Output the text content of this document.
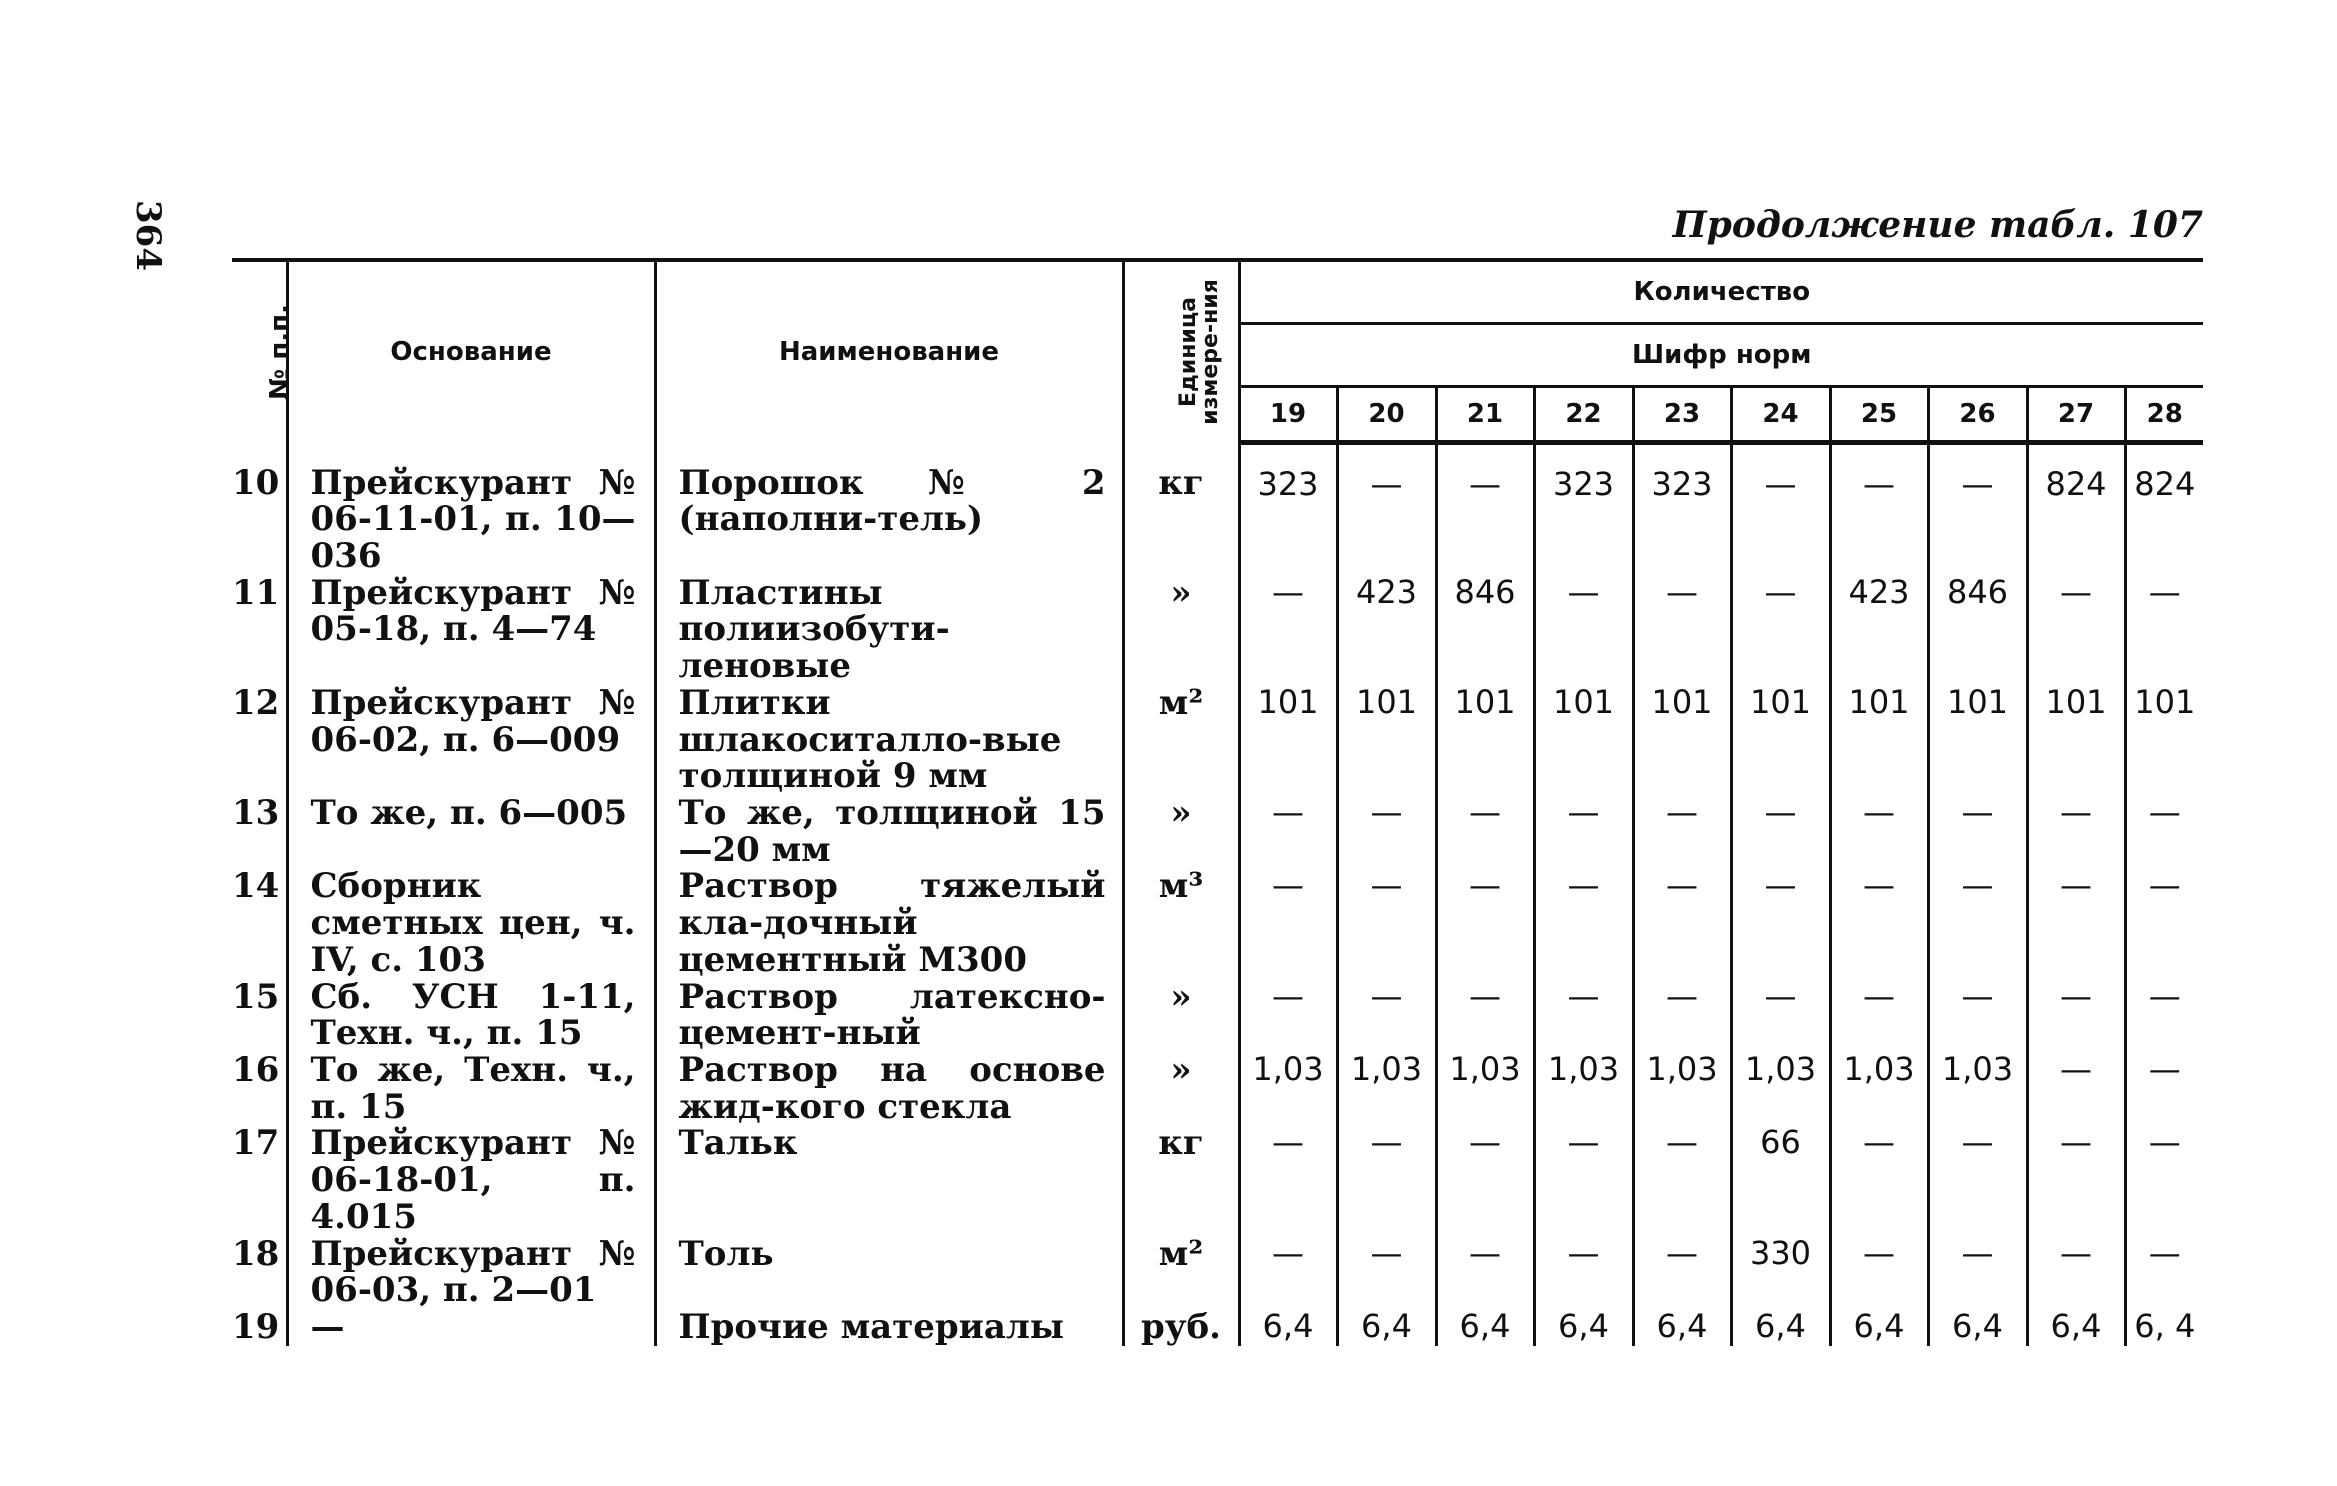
364	Продолжение табл. 107
№ п.п.	Основание	Наименование	Единица измере-ния	Количество									
				Шифр норм									
				19	20	21	22	23	24	25	26	27	28
10	Прейскурант № 06-11-01, п. 10—036	Порошок № 2 (наполни-тель)	кг	323	—	—	323	323	—	—	—	824	824
11	Прейскурант № 05-18, п. 4—74	Пластины полиизобути-леновые	»	—	423	846	—	—	—	423	846	—	—
12	Прейскурант № 06-02, п. 6—009	Плитки шлакоситалло-вые толщиной 9 мм	м²	101	101	101	101	101	101	101	101	101	101
13	То же, п. 6—005	То же, толщиной 15—20 мм	»	—	—	—	—	—	—	—	—	—	—
14	Сборник сметных цен, ч. IV, с. 103	Раствор тяжелый кла-дочный цементный М300	м³	—	—	—	—	—	—	—	—	—	—
15	Сб. УСН 1-11, Техн. ч., п. 15	Раствор латексно-цемент-ный	»	—	—	—	—	—	—	—	—	—	—
16	То же, Техн. ч., п. 15	Раствор на основе жид-кого стекла	»	1,03	1,03	1,03	1,03	1,03	1,03	1,03	1,03	—	—
17	Прейскурант № 06-18-01, п. 4.015	Тальк	кг	—	—	—	—	—	66	—	—	—	—
18	Прейскурант № 06-03, п. 2—01	Толь	м²	—	—	—	—	—	330	—	—	—	—
19	—	Прочие материалы	руб.	6,4	6,4	6,4	6,4	6,4	6,4	6,4	6,4	6,4	6, 4
